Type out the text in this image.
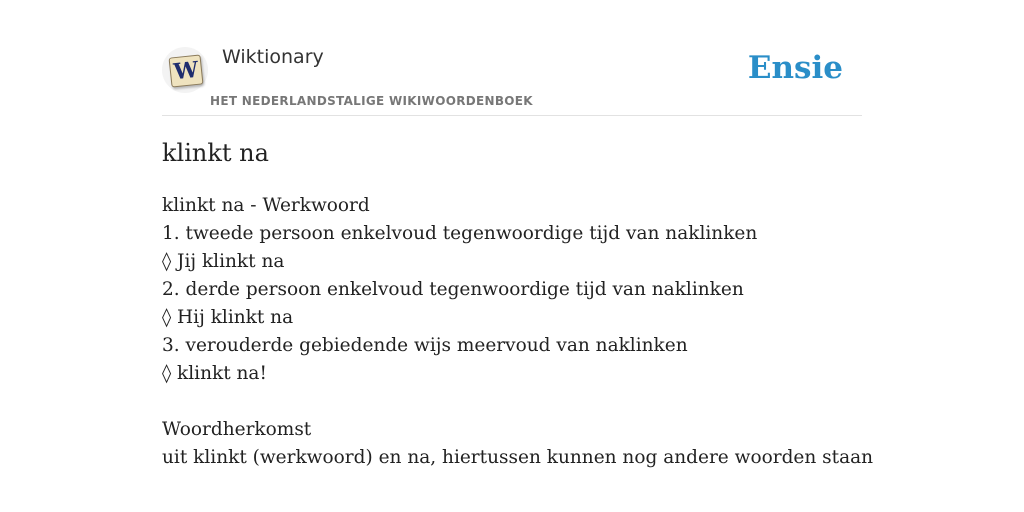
W Wiktionary
HET NEDERLANDSTALIGE WIKIWOORDENBOEK
Ensie
klinkt na
klinkt na - Werkwoord
1. tweede persoon enkelvoud tegenwoordige tijd van naklinken
◊ Jij klinkt na
2. derde persoon enkelvoud tegenwoordige tijd van naklinken
◊ Hij klinkt na
3. verouderde gebiedende wijs meervoud van naklinken
◊ klinkt na!
Woordherkomst
uit klinkt (werkwoord) en na, hiertussen kunnen nog andere woorden staan
